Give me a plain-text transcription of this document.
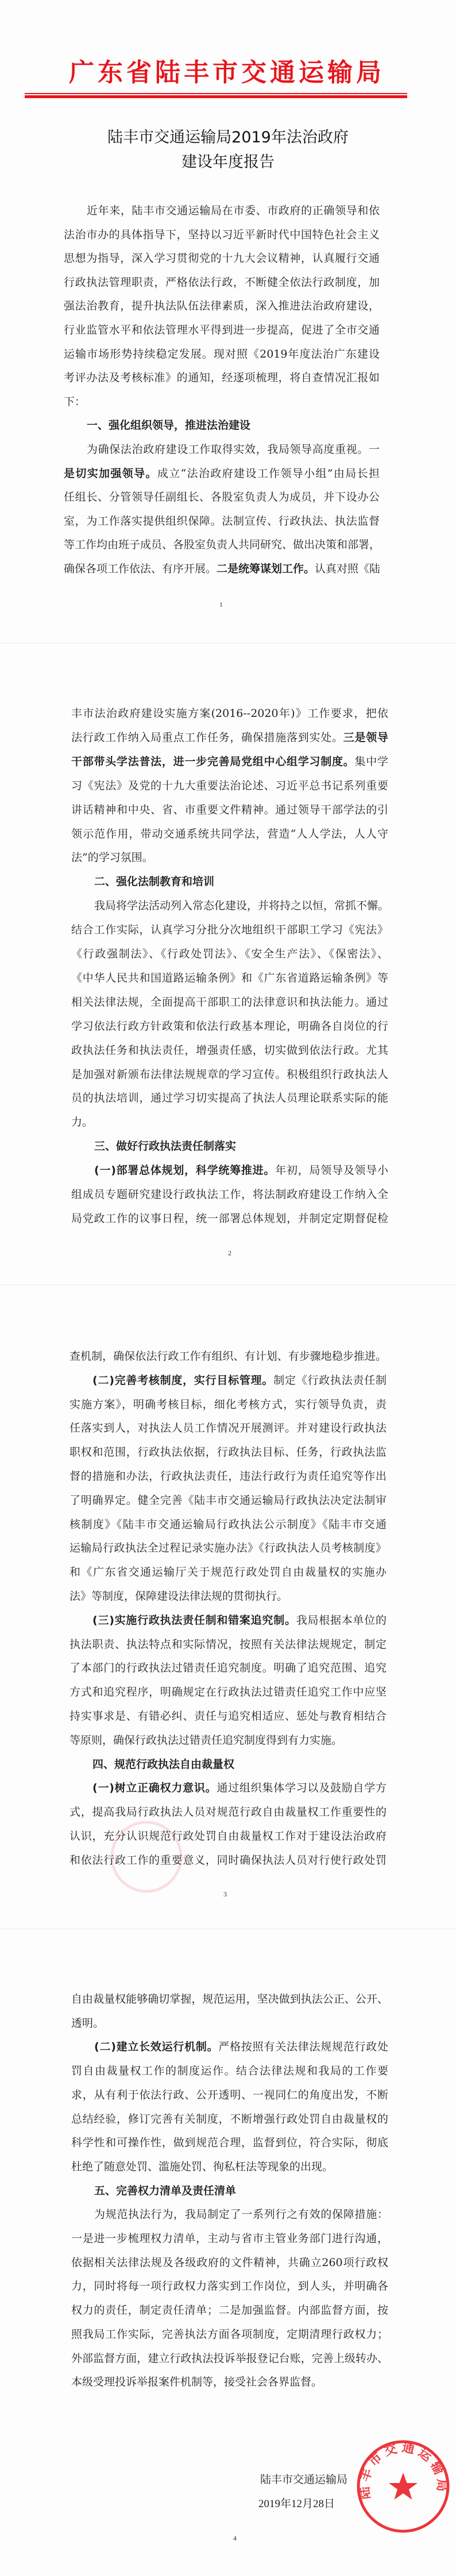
广东省陆丰市交通运输局
陆丰市交通运输局2019年法治政府
建设年度报告
近年来，陆丰市交通运输局在市委、市政府的正确领导和依
法治市办的具体指导下，坚持以习近平新时代中国特色社会主义
思想为指导，深入学习贯彻党的十九大会议精神，认真履行交通
行政执法管理职责，严格依法行政，不断健全依法行政制度，加
强法治教育，提升执法队伍法律素质，深入推进法治政府建设，
行业监管水平和依法管理水平得到进一步提高，促进了全市交通
运输市场形势持续稳定发展。现对照《2019年度法治广东建设
考评办法及考核标准》的通知，经逐项梳理，将自查情况汇报如
下：
一、强化组织领导，推进法治建设
为确保法治政府建设工作取得实效，我局领导高度重视。一
是切实加强领导。成立“法治政府建设工作领导小组”由局长担
任组长、分管领导任副组长、各股室负责人为成员，并下设办公
室，为工作落实提供组织保障。法制宣传、行政执法、执法监督
等工作均由班子成员、各股室负责人共同研究、做出决策和部署，
确保各项工作依法、有序开展。二是统筹谋划工作。认真对照《陆
丰市法治政府建设实施方案(2016--2020年)》工作要求，把依
法行政工作纳入局重点工作任务，确保措施落到实处。三是领导
干部带头学法普法，进一步完善局党组中心组学习制度。集中学
习《宪法》及党的十九大重要法治论述、习近平总书记系列重要
讲话精神和中央、省、市重要文件精神。通过领导干部学法的引
领示范作用，带动交通系统共同学法，营造“人人学法，人人守
法”的学习氛围。
二、强化法制教育和培训
我局将学法活动列入常态化建设，并将持之以恒，常抓不懈。
结合工作实际，认真学习分批分次地组织干部职工学习《宪法》
《行政强制法》、《行政处罚法》、《安全生产法》、《保密法》、
《中华人民共和国道路运输条例》和《广东省道路运输条例》等
相关法律法规，全面提高干部职工的法律意识和执法能力。通过
学习依法行政方针政策和依法行政基本理论，明确各自岗位的行
政执法任务和执法责任，增强责任感，切实做到依法行政。尤其
是加强对新颁布法律法规规章的学习宣传。积极组织行政执法人
员的执法培训，通过学习切实提高了执法人员理论联系实际的能
力。
三、做好行政执法责任制落实
(一)部署总体规划，科学统筹推进。年初，局领导及领导小
组成员专题研究建设行政执法工作，将法制政府建设工作纳入全
局党政工作的议事日程，统一部署总体规划，并制定定期督促检
查机制，确保依法行政工作有组织、有计划、有步骤地稳步推进。
(二)完善考核制度，实行目标管理。制定《行政执法责任制
实施方案》，明确考核目标，细化考核方式，实行领导负责，责
任落实到人，对执法人员工作情况开展测评。并对建设行政执法
职权和范围，行政执法依据，行政执法目标、任务，行政执法监
督的措施和办法，行政执法责任，违法行政行为责任追究等作出
了明确界定。健全完善《陆丰市交通运输局行政执法决定法制审
核制度》《陆丰市交通运输局行政执法公示制度》《陆丰市交通
运输局行政执法全过程记录实施办法》《行政执法人员考核制度》
和《广东省交通运输厅关于规范行政处罚自由裁量权的实施办
法》等制度，保障建设法律法规的贯彻执行。
(三)实施行政执法责任制和错案追究制。我局根据本单位的
执法职责、执法特点和实际情况，按照有关法律法规规定，制定
了本部门的行政执法过错责任追究制度。明确了追究范围、追究
方式和追究程序，明确规定在行政执法过错责任追究工作中应坚
持实事求是、有错必纠、责任与追究相适应、惩处与教育相结合
等原则，确保行政执法过错责任追究制度得到有力实施。
四、规范行政执法自由裁量权
(一)树立正确权力意识。通过组织集体学习以及鼓励自学方
式，提高我局行政执法人员对规范行政自由裁量权工作重要性的
认识，充分认识规范行政处罚自由裁量权工作对于建设法治政府
和依法行政工作的重要意义，同时确保执法人员对行使行政处罚
自由裁量权能够确切掌握，规范运用，坚决做到执法公正、公开、
透明。
(二)建立长效运行机制。严格按照有关法律法规规范行政处
罚自由裁量权工作的制度运作。结合法律法规和我局的工作要
求，从有利于依法行政、公开透明、一视同仁的角度出发，不断
总结经验，修订完善有关制度，不断增强行政处罚自由裁量权的
科学性和可操作性，做到规范合理，监督到位，符合实际，彻底
杜绝了随意处罚、滥施处罚、徇私枉法等现象的出现。
五、完善权力清单及责任清单
为规范执法行为，我局制定了一系列行之有效的保障措施：
一是进一步梳理权力清单，主动与省市主管业务部门进行沟通，
依据相关法律法规及各级政府的文件精神，共确立260项行政权
力，同时将每一项行政权力落实到工作岗位，到人头，并明确各
权力的责任，制定责任清单；二是加强监督。内部监督方面，按
照我局工作实际，完善执法方面各项制度，定期清理行政权力；
外部监督方面，建立行政执法投诉举报登记台账，完善上级转办、
本级受理投诉举报案件机制等，接受社会各界监督。
1
2
3
4
陆丰市交通运输局
2019年12月28日
陆丰市交通运输局
